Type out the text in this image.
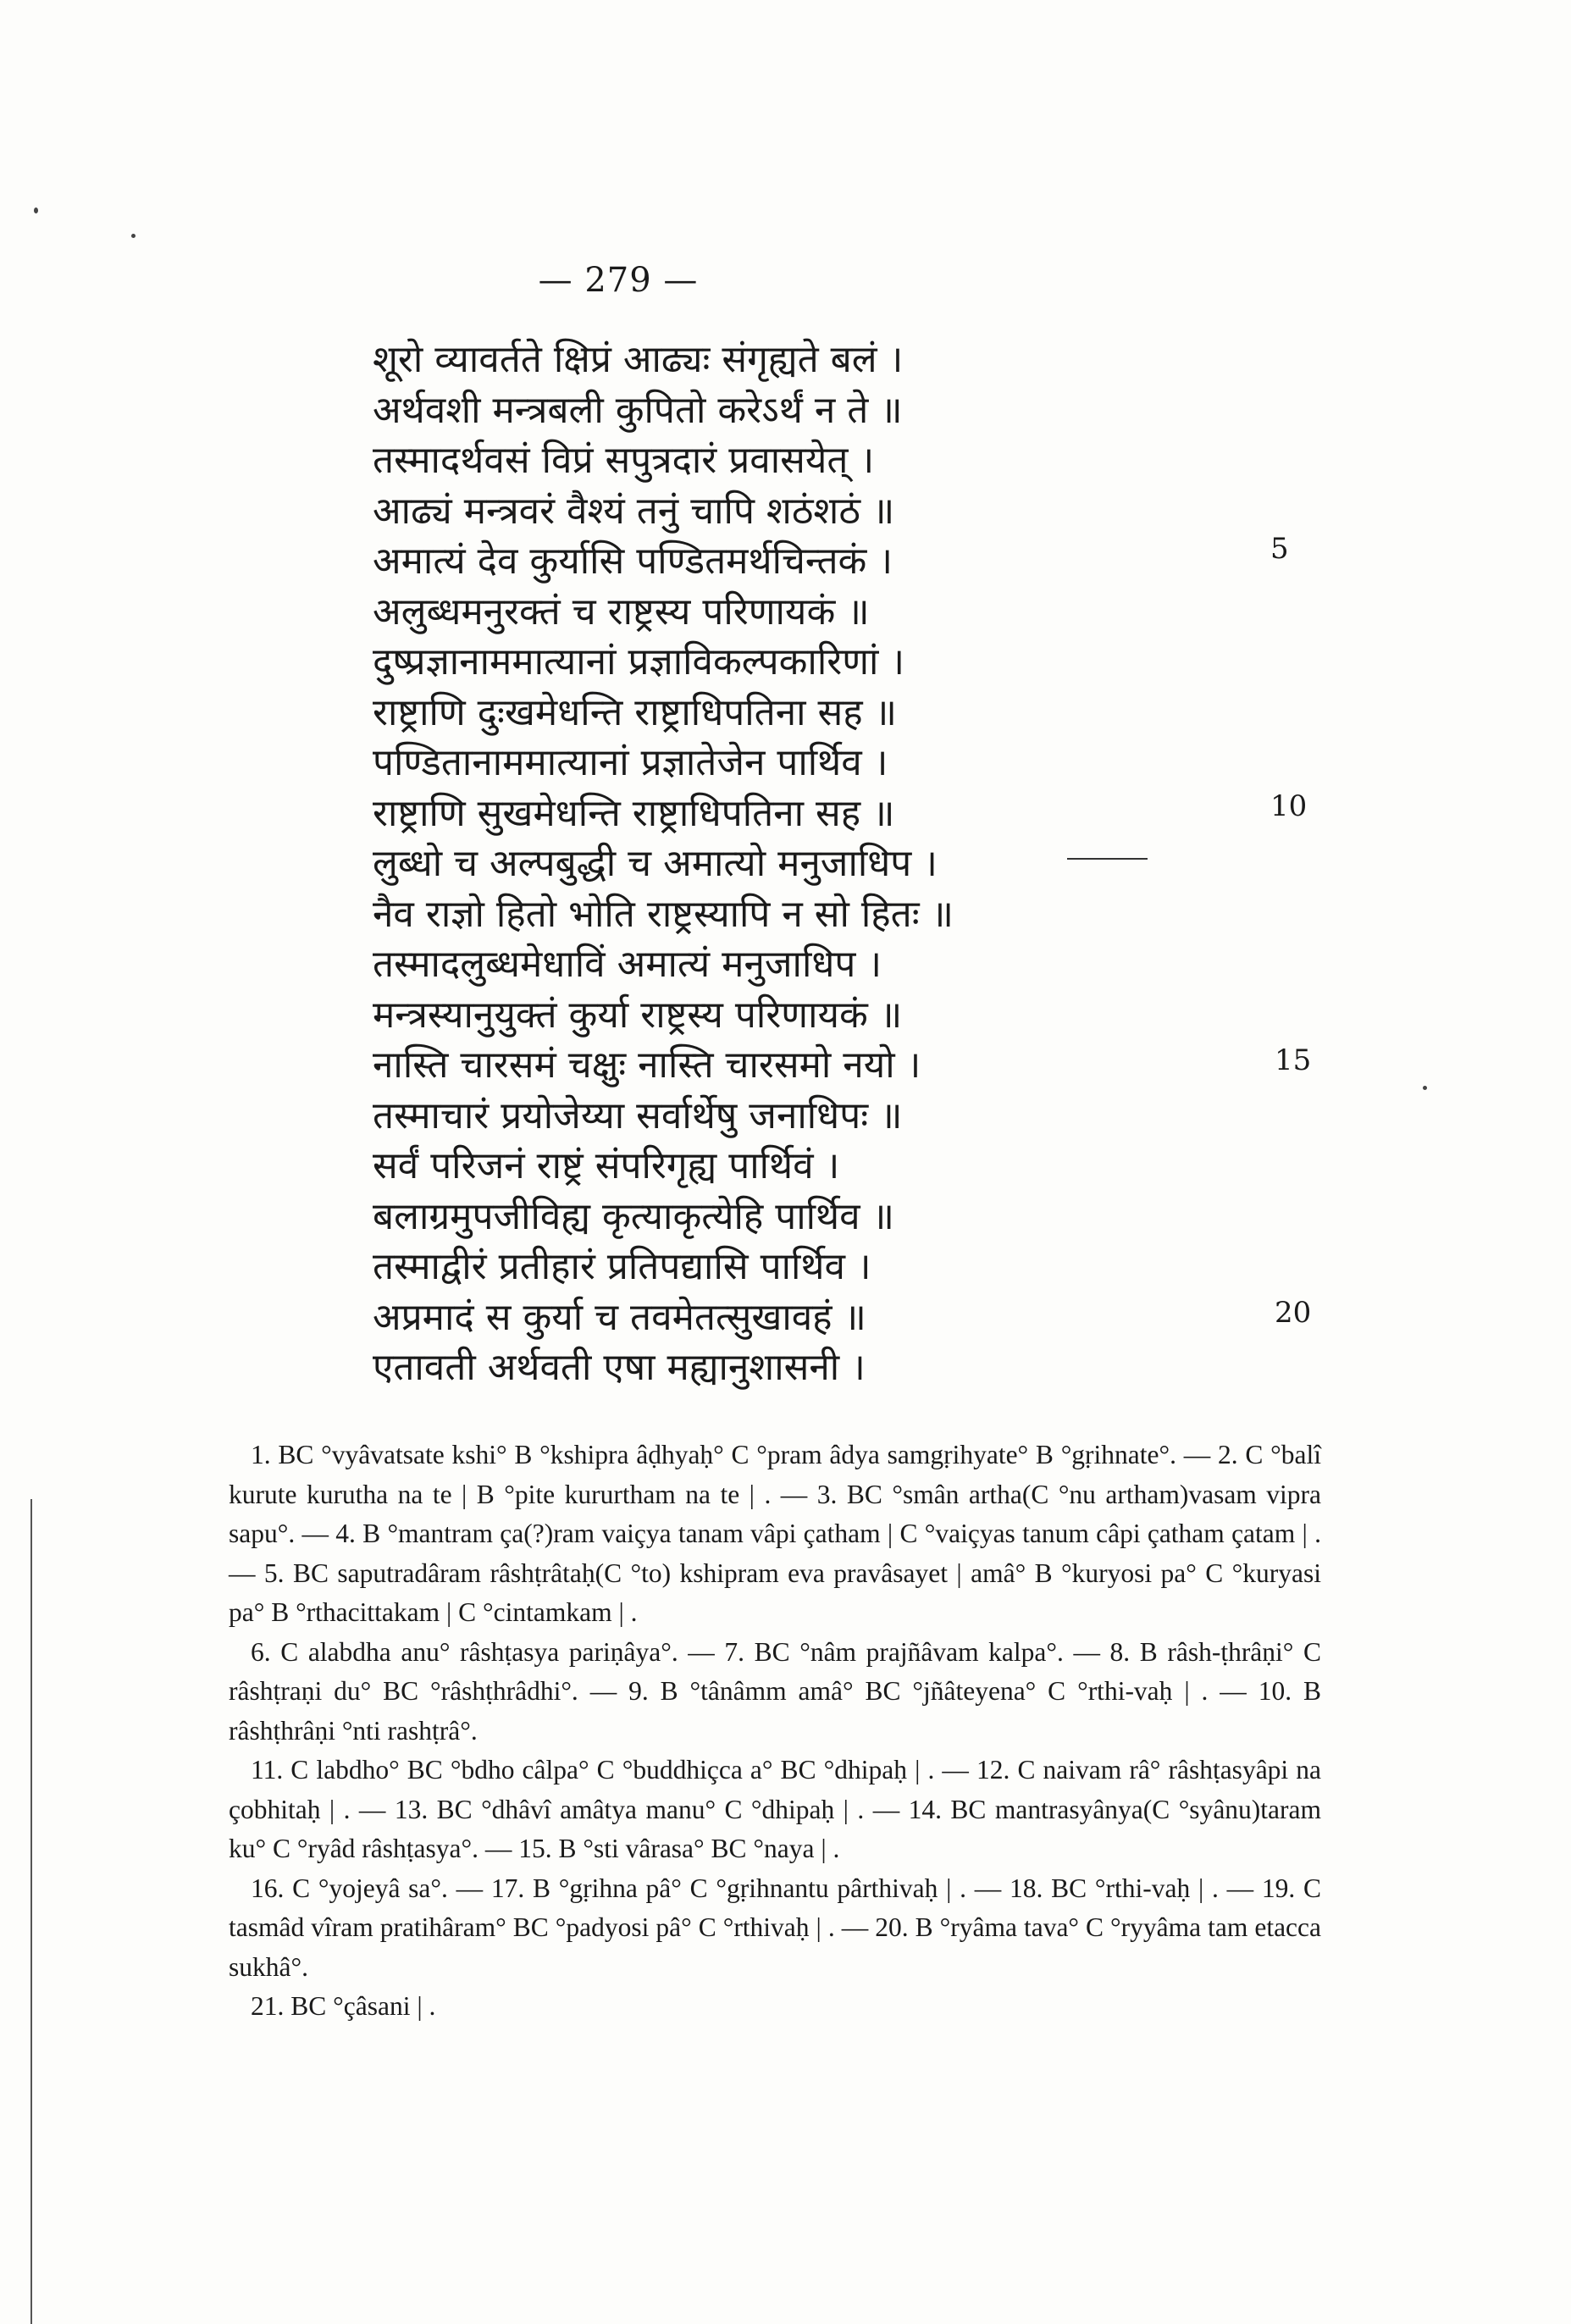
— 279 —
शूरो व्यावर्तते क्षिप्रं आढ्यः संगृह्यते बलं ।
अर्थवशी मन्त्रबली कुपितो करेऽर्थं न ते ॥
तस्मादर्थवसं विप्रं सपुत्रदारं प्रवासयेत् ।
आढ्यं मन्त्रवरं वैश्यं तनुं चापि शठंशठं ॥
अमात्यं देव कुर्यासि पण्डितमर्थचिन्तकं ।
अलुब्धमनुरक्तं च राष्ट्रस्य परिणायकं ॥
दुष्प्रज्ञानाममात्यानां प्रज्ञाविकल्पकारिणां ।
राष्ट्राणि दुःखमेधन्ति राष्ट्राधिपतिना सह ॥
पण्डितानाममात्यानां प्रज्ञातेजेन पार्थिव ।
राष्ट्राणि सुखमेधन्ति राष्ट्राधिपतिना सह ॥
लुब्धो च अल्पबुद्धी च अमात्यो मनुजाधिप ।
नैव राज्ञो हितो भोति राष्ट्रस्यापि न सो हितः ॥
तस्मादलुब्धमेधाविं अमात्यं मनुजाधिप ।
मन्त्रस्यानुयुक्तं कुर्या राष्ट्रस्य परिणायकं ॥
नास्ति चारसमं चक्षुः नास्ति चारसमो नयो ।
तस्माचारं प्रयोजेय्या सर्वार्थेषु जनाधिपः ॥
सर्वं परिजनं राष्ट्रं संपरिगृह्य पार्थिवं ।
बलाग्रमुपजीविह्य कृत्याकृत्येहि पार्थिव ॥
तस्माद्वीरं प्रतीहारं प्रतिपद्यासि पार्थिव ।
अप्रमादं स कुर्या च तवमेतत्सुखावहं ॥
एतावती अर्थवती एषा मह्यानुशासनी ।
5
10
15
20

1. BC °vyâvatsate kshi° B °kshipra âḍhyaḥ° C °pram âdya samgṛihyate° B °gṛihnate°. — 2. C °balî kurute kurutha na te | B °pite kururtham na te | . — 3. BC °smân artha(C °nu artham)vasam vipra sapu°. — 4. B °mantram ça(?)ram vaiçya tanam vâpi çatham | C °vaiçyas tanum câpi çatham çatam | . — 5. BC saputradâram râshṭrâtaḥ(C °to) kshipram eva pravâsayet | amâ° B °kuryosi pa° C °kuryasi pa° B °rthacittakam | C °cintamkam | .

6. C alabdha anu° râshṭasya pariṇâya°. — 7. BC °nâm prajñâvam kalpa°. — 8. B râsh-ṭhrâṇi° C râshṭraṇi du° BC °râshṭhrâdhi°. — 9. B °tânâmm amâ° BC °jñâteyena° C °rthi-vaḥ | . — 10. B râshṭhrâṇi °nti rashṭrâ°.

11. C labdho° BC °bdho câlpa° C °buddhiçca a° BC °dhipaḥ | . — 12. C naivam râ° râshṭasyâpi na çobhitaḥ | . — 13. BC °dhâvî amâtya manu° C °dhipaḥ | . — 14. BC mantrasyânya(C °syânu)taram ku° C °ryâd râshṭasya°. — 15. B °sti vârasa° BC °naya | .

16. C °yojeyâ sa°. — 17. B °gṛihna pâ° C °gṛihnantu pârthivaḥ | . — 18. BC °rthi-vaḥ | . — 19. C tasmâd vîram pratihâram° BC °padyosi pâ° C °rthivaḥ | . — 20. B °ryâma tava° C °ryyâma tam etacca sukhâ°.

21. BC °çâsani | .
